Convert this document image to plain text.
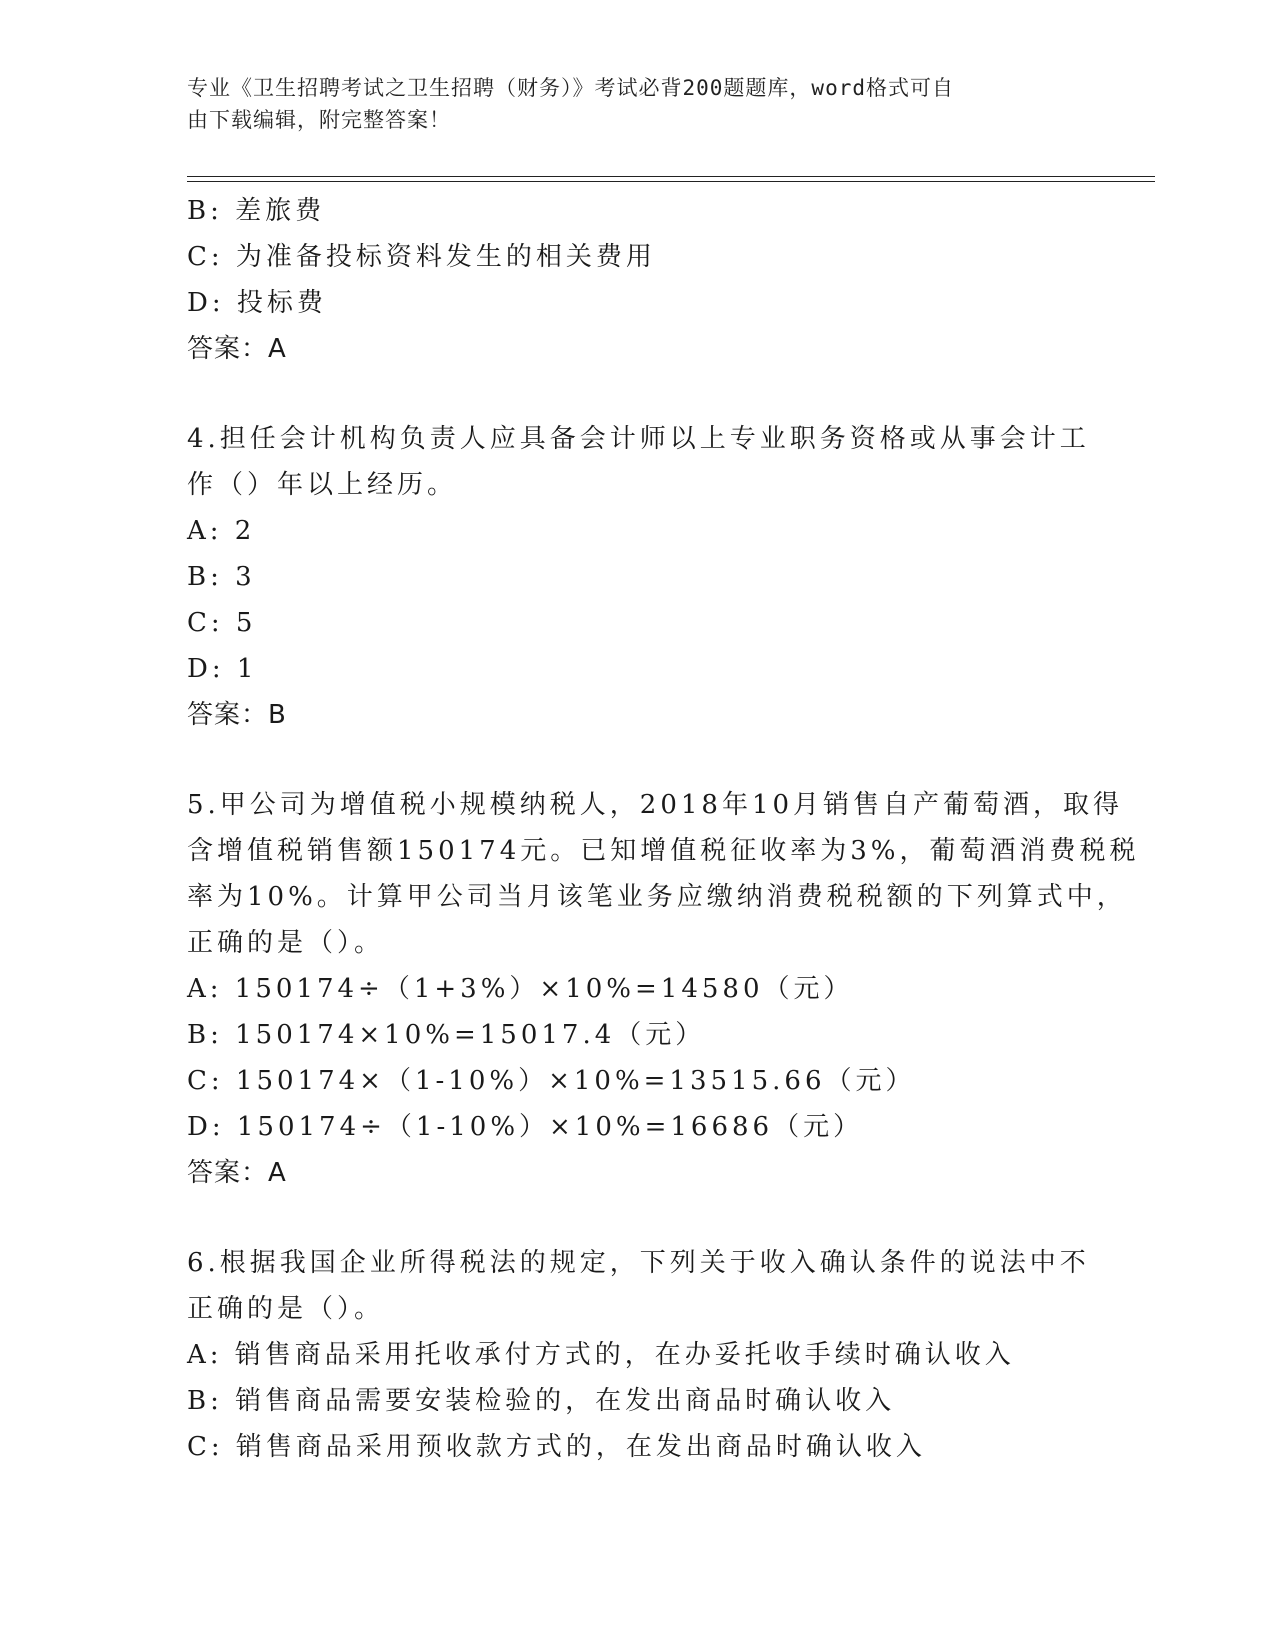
专业《卫生招聘考试之卫生招聘（财务）》考试必背200题题库，word格式可自
由下载编辑，附完整答案！
B: 差旅费
C: 为准备投标资料发生的相关费用
D: 投标费
答案：A
4.担任会计机构负责人应具备会计师以上专业职务资格或从事会计工
作（）年以上经历。
A: 2
B: 3
C: 5
D: 1
答案：B
5.甲公司为增值税小规模纳税人，2018年10月销售自产葡萄酒，取得
含增值税销售额150174元。已知增值税征收率为3%，葡萄酒消费税税
率为10%。计算甲公司当月该笔业务应缴纳消费税税额的下列算式中，
正确的是（）。
A: 150174÷（1+3%）×10%=14580（元）
B: 150174×10%=15017.4（元）
C: 150174×（1-10%）×10%=13515.66（元）
D: 150174÷（1-10%）×10%=16686（元）
答案：A
6.根据我国企业所得税法的规定，下列关于收入确认条件的说法中不
正确的是（）。
A: 销售商品采用托收承付方式的，在办妥托收手续时确认收入
B: 销售商品需要安装检验的，在发出商品时确认收入
C: 销售商品采用预收款方式的，在发出商品时确认收入
